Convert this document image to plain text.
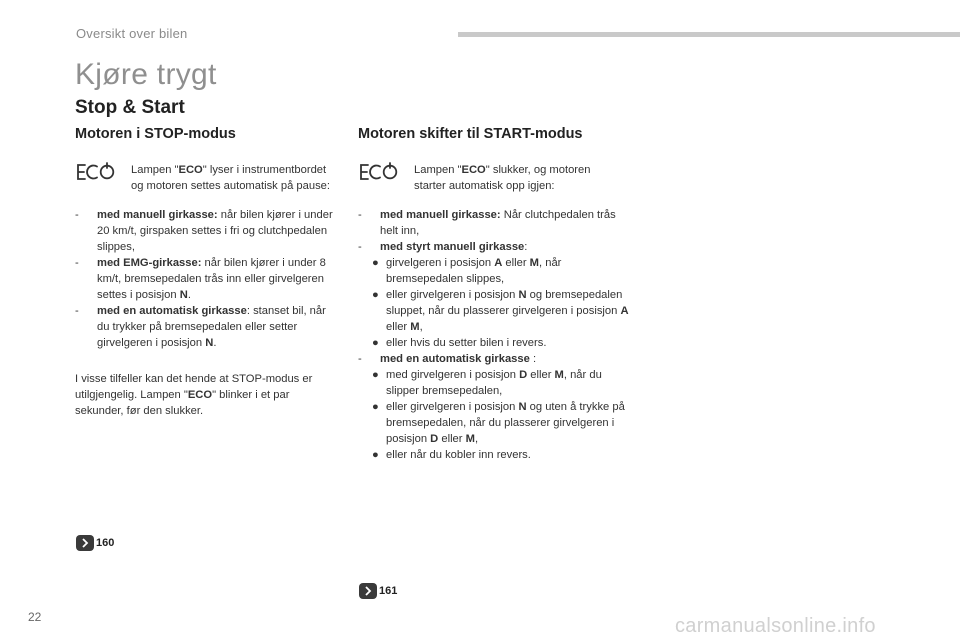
Oversikt over bilen
Kjøre trygt
Stop & Start
Motoren i STOP-modus
Lampen "ECO" lyser i instrumentbordet og motoren settes automatisk på pause:
-	med manuell girkasse: når bilen kjører i under 20 km/t, girspaken settes i fri og clutchpedalen slippes,
-	med EMG-girkasse: når bilen kjører i under 8 km/t, bremsepedalen trås inn eller girvelgeren settes i posisjon N.
-	med en automatisk girkasse: stanset bil, når du trykker på bremsepedalen eller setter girvelgeren i posisjon N.
I visse tilfeller kan det hende at STOP-modus er utilgjengelig. Lampen "ECO" blinker i et par sekunder, før den slukker.
Motoren skifter til START-modus
Lampen "ECO" slukker, og motoren starter automatisk opp igjen:
-	med manuell girkasse: Når clutchpedalen trås helt inn,
-	med styrt manuell girkasse:
● girvelgeren i posisjon A eller M, når bremsepedalen slippes,
● eller girvelgeren i posisjon N og bremsepedalen sluppet, når du plasserer girvelgeren i posisjon A eller M,
● eller hvis du setter bilen i revers.
-	med en automatisk girkasse :
● med girvelgeren i posisjon D eller M, når du slipper bremsepedalen,
● eller girvelgeren i posisjon N og uten å trykke på bremsepedalen, når du plasserer girvelgeren i posisjon D eller M,
● eller når du kobler inn revers.
160
161
22	carmanualsonline.info
